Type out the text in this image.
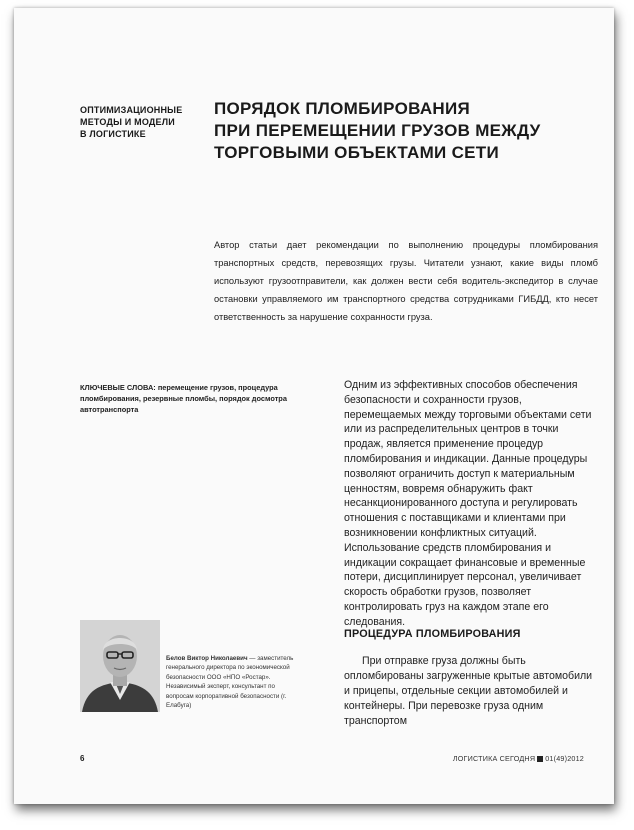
ОПТИМИЗАЦИОННЫЕ
МЕТОДЫ И МОДЕЛИ
В ЛОГИСТИКЕ
ПОРЯДОК ПЛОМБИРОВАНИЯ
ПРИ ПЕРЕМЕЩЕНИИ ГРУЗОВ МЕЖДУ
ТОРГОВЫМИ ОБЪЕКТАМИ СЕТИ
Автор статьи дает рекомендации по выполнению процедуры пломбирования транспортных средств, перевозящих грузы. Читатели узнают, какие виды пломб используют грузоотправители, как должен вести себя водитель-экспедитор в случае остановки управляемого им транспортного средства сотрудниками ГИБДД, кто несет ответственность за нарушение сохранности груза.
КЛЮЧЕВЫЕ СЛОВА: перемещение грузов, процедура пломбирования, резервные пломбы, порядок досмотра автотранспорта
Одним из эффективных способов обеспечения безопасности и сохранности грузов, перемещаемых между торговыми объектами сети или из распределительных центров в точки продаж, является применение процедур пломбирования и индикации. Данные процедуры позволяют ограничить доступ к материальным ценностям, вовремя обнаружить факт несанкционированного доступа и регулировать отношения с поставщиками и клиентами при возникновении конфликтных ситуаций. Использование средств пломбирования и индикации сокращает финансовые и временные потери, дисциплинирует персонал, увеличивает скорость обработки грузов, позволяет контролировать груз на каждом этапе его следования.
ПРОЦЕДУРА ПЛОМБИРОВАНИЯ
При отправке груза должны быть опломбированы загруженные крытые автомобили и прицепы, отдельные секции автомобилей и контейнеры. При перевозке груза одним транспортом
Белов Виктор Николаевич — заместитель генерального директора по экономической безопасности ООО «НПО «Ростар». Независимый эксперт, консультант по вопросам корпоративной безопасности (г. Елабуга)
6	ЛОГИСТИКА СЕГОДНЯ 01(49)2012
